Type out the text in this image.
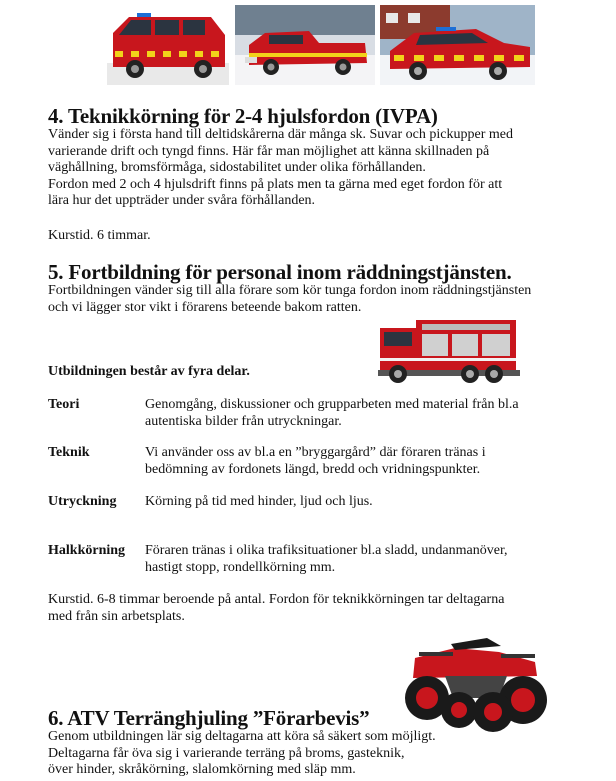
4. Teknikkörning för 2-4 hjulsfordon (IVPA)
Vänder sig i första hand till deltidskårerna där många sk. Suvar och pickupper med
varierande drift och tyngd finns. Här får man möjlighet att känna skillnaden på
väghållning, bromsförmåga, sidostabilitet under olika förhållanden.
Fordon med 2 och 4 hjulsdrift finns på plats men ta gärna med eget fordon för att
lära hur det uppträder under svåra förhållanden.
Kurstid. 6 timmar.
5. Fortbildning för personal inom räddningstjänsten.
Fortbildningen vänder sig till alla förare som kör tunga fordon inom räddningstjänsten
och vi lägger stor vikt i förarens beteende bakom ratten.
Utbildningen består av fyra delar.
Teori	Genomgång, diskussioner och grupparbeten med material från bl.a
autentiska bilder från utryckningar.
Teknik	Vi använder oss av bl.a en ”bryggargård” där föraren tränas i
bedömning av fordonets längd, bredd och vridningspunkter.
Utryckning Körning på tid med hinder, ljud och ljus.
Halkkörning Föraren tränas i olika trafiksituationer bl.a sladd, undanmanöver,
hastigt stopp, rondellkörning mm.
Kurstid. 6-8 timmar beroende på antal. Fordon för teknikkörningen tar deltagarna
med från sin arbetsplats.
6. ATV Terränghjuling ”Förarbevis”
Genom utbildningen lär sig deltagarna att köra så säkert som möjligt.
Deltagarna får öva sig i varierande terräng på broms, gasteknik,
över hinder, skråkörning, slalomkörning med släp mm.
